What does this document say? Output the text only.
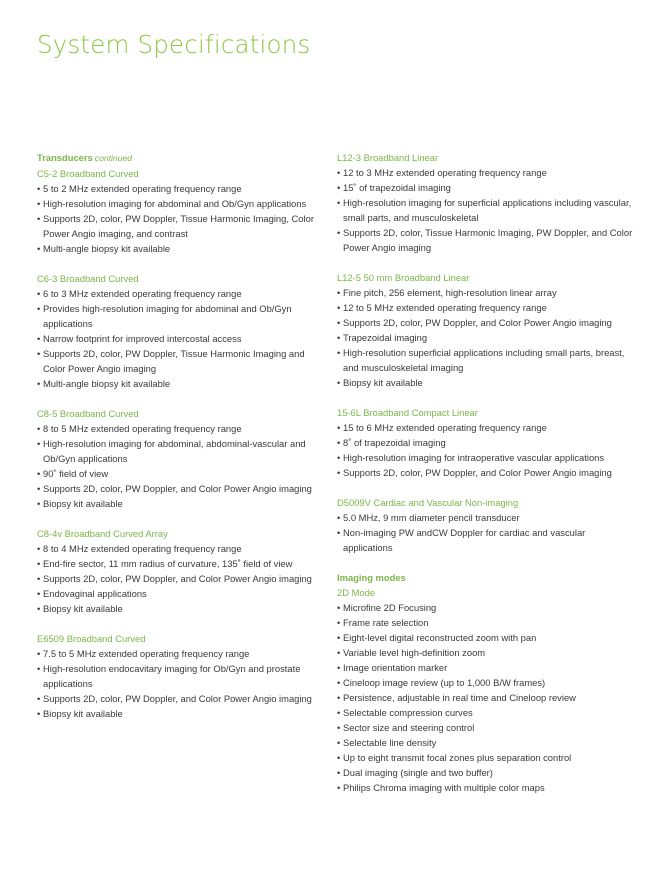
System Specifications
Transducers continued
C5-2 Broadband Curved
• 5 to 2 MHz extended operating frequency range
• High-resolution imaging for abdominal and Ob/Gyn applications
• Supports 2D, color, PW Doppler, Tissue Harmonic Imaging, Color Power Angio imaging, and contrast
• Multi-angle biopsy kit available
C6-3 Broadband Curved
• 6 to 3 MHz extended operating frequency range
• Provides high-resolution imaging for abdominal and Ob/Gyn applications
• Narrow footprint for improved intercostal access
• Supports 2D, color, PW Doppler, Tissue Harmonic Imaging and Color Power Angio imaging
• Multi-angle biopsy kit available
C8-5 Broadband Curved
• 8 to 5 MHz extended operating frequency range
• High-resolution imaging for abdominal, abdominal-vascular and Ob/Gyn applications
• 90˚ field of view
• Supports 2D, color, PW Doppler, and Color Power Angio imaging
• Biopsy kit available
C8-4v Broadband Curved Array
• 8 to 4 MHz extended operating frequency range
• End-fire sector, 11 mm radius of curvature, 135˚ field of view
• Supports 2D, color, PW Doppler, and Color Power Angio imaging
• Endovaginal applications
• Biopsy kit available
E6509 Broadband Curved
• 7.5 to 5 MHz extended operating frequency range
• High-resolution endocavitary imaging for Ob/Gyn and prostate applications
• Supports 2D, color, PW Doppler, and Color Power Angio imaging
• Biopsy kit available
L12-3 Broadband Linear
• 12 to 3 MHz extended operating frequency range
• 15˚ of trapezoidal imaging
• High-resolution imaging for superficial applications including vascular, small parts, and musculoskeletal
• Supports 2D, color, Tissue Harmonic Imaging, PW Doppler, and Color Power Angio imaging
L12-5 50 mm Broadband Linear
• Fine pitch, 256 element, high-resolution linear array
• 12 to 5 MHz extended operating frequency range
• Supports 2D, color, PW Doppler, and Color Power Angio imaging
• Trapezoidal imaging
• High-resolution superficial applications including small parts, breast, and musculoskeletal imaging
• Biopsy kit available
15-6L Broadband Compact Linear
• 15 to 6 MHz extended operating frequency range
• 8˚ of trapezoidal imaging
• High-resolution imaging for intraoperative vascular applications
• Supports 2D, color, PW Doppler, and Color Power Angio imaging
D5009V Cardiac and Vascular Non-imaging
• 5.0 MHz, 9 mm diameter pencil transducer
• Non-imaging PW andCW Doppler for cardiac and vascular applications
Imaging modes
2D Mode
• Microfine 2D Focusing
• Frame rate selection
• Eight-level digital reconstructed zoom with pan
• Variable level high-definition zoom
• Image orientation marker
• Cineloop image review (up to 1,000 B/W frames)
• Persistence, adjustable in real time and Cineloop review
• Selectable compression curves
• Sector size and steering control
• Selectable line density
• Up to eight transmit focal zones plus separation control
• Dual imaging (single and two buffer)
• Philips Chroma imaging with multiple color maps
